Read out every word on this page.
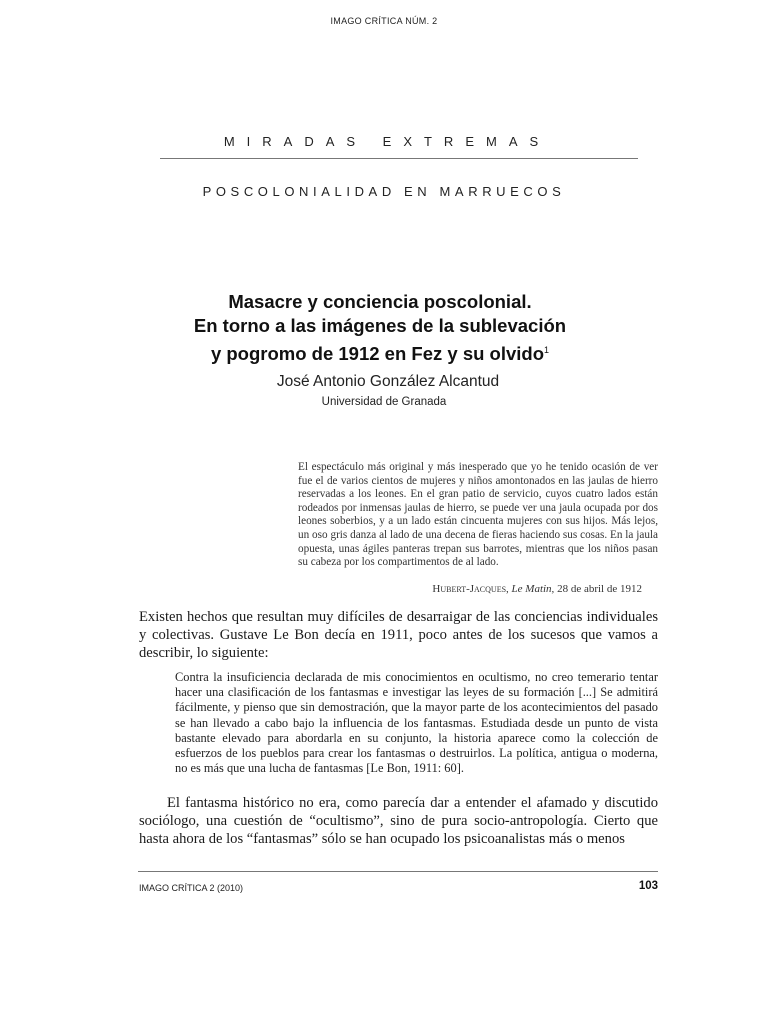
IMAGO CRÍTICA NÚM. 2
MIRADAS EXTREMAS
POSCOLONIALIDAD EN MARRUECOS
Masacre y conciencia poscolonial.
En torno a las imágenes de la sublevación
y pogromo de 1912 en Fez y su olvido$^1$
José Antonio González Alcantud
Universidad de Granada
El espectáculo más original y más inesperado que yo he tenido ocasión de ver fue el de varios cientos de mujeres y niños amontonados en las jaulas de hierro reservadas a los leones. En el gran patio de servicio, cuyos cuatro lados están rodeados por inmensas jaulas de hierro, se puede ver una jaula ocupada por dos leones soberbios, y a un lado están cincuenta mujeres con sus hijos. Más lejos, un oso gris danza al lado de una decena de fieras haciendo sus cosas. En la jaula opuesta, unas ágiles panteras trepan sus barrotes, mientras que los niños pasan su cabeza por los compartimentos de al lado.
Hubert-Jacques, Le Matin, 28 de abril de 1912
Existen hechos que resultan muy difíciles de desarraigar de las conciencias individuales y colectivas. Gustave Le Bon decía en 1911, poco antes de los sucesos que vamos a describir, lo siguiente:
Contra la insuficiencia declarada de mis conocimientos en ocultismo, no creo temerario tentar hacer una clasificación de los fantasmas e investigar las leyes de su formación [...] Se admitirá fácilmente, y pienso que sin demostración, que la mayor parte de los acontecimientos del pasado se han llevado a cabo bajo la influencia de los fantasmas. Estudiada desde un punto de vista bastante elevado para abordarla en su conjunto, la historia aparece como la colección de esfuerzos de los pueblos para crear los fantasmas o destruirlos. La política, antigua o moderna, no es más que una lucha de fantasmas [Le Bon, 1911: 60].
El fantasma histórico no era, como parecía dar a entender el afamado y discutido sociólogo, una cuestión de “ocultismo”, sino de pura socio-antropología. Cierto que hasta ahora de los “fantasmas” sólo se han ocupado los psicoanalistas más o menos
IMAGO CRÍTICA 2 (2010)	103
